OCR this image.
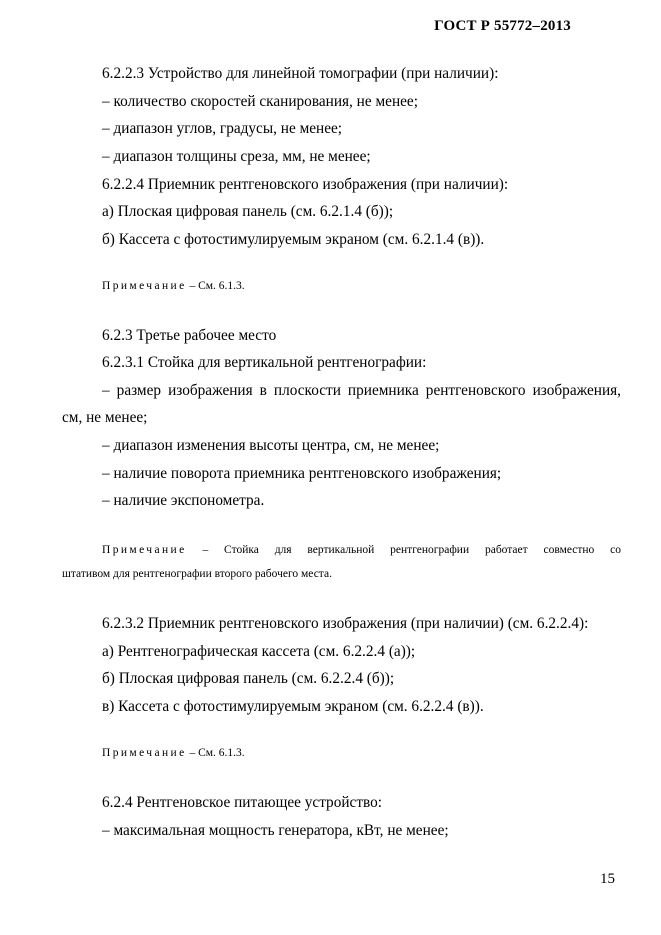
ГОСТ Р 55772–2013
6.2.2.3 Устройство для линейной томографии (при наличии):
– количество скоростей сканирования, не менее;
– диапазон углов, градусы, не менее;
– диапазон толщины среза, мм, не менее;
6.2.2.4 Приемник рентгеновского изображения (при наличии):
а) Плоская цифровая панель (см. 6.2.1.4 (б));
б) Кассета с фотостимулируемым экраном (см. 6.2.1.4 (в)).
Примечание – См. 6.1.3.
6.2.3 Третье рабочее место
6.2.3.1 Стойка для вертикальной рентгенографии:
– размер изображения в плоскости приемника рентгеновского изображения,
см, не менее;
– диапазон изменения высоты центра, см, не менее;
– наличие поворота приемника рентгеновского изображения;
– наличие экспонометра.
Примечание – Стойка для вертикальной рентгенографии работает совместно со
штативом для рентгенографии второго рабочего места.
6.2.3.2 Приемник рентгеновского изображения (при наличии) (см. 6.2.2.4):
а) Рентгенографическая кассета (см. 6.2.2.4 (а));
б) Плоская цифровая панель (см. 6.2.2.4 (б));
в) Кассета с фотостимулируемым экраном (см. 6.2.2.4 (в)).
Примечание – См. 6.1.3.
6.2.4 Рентгеновское питающее устройство:
– максимальная мощность генератора, кВт, не менее;
15
